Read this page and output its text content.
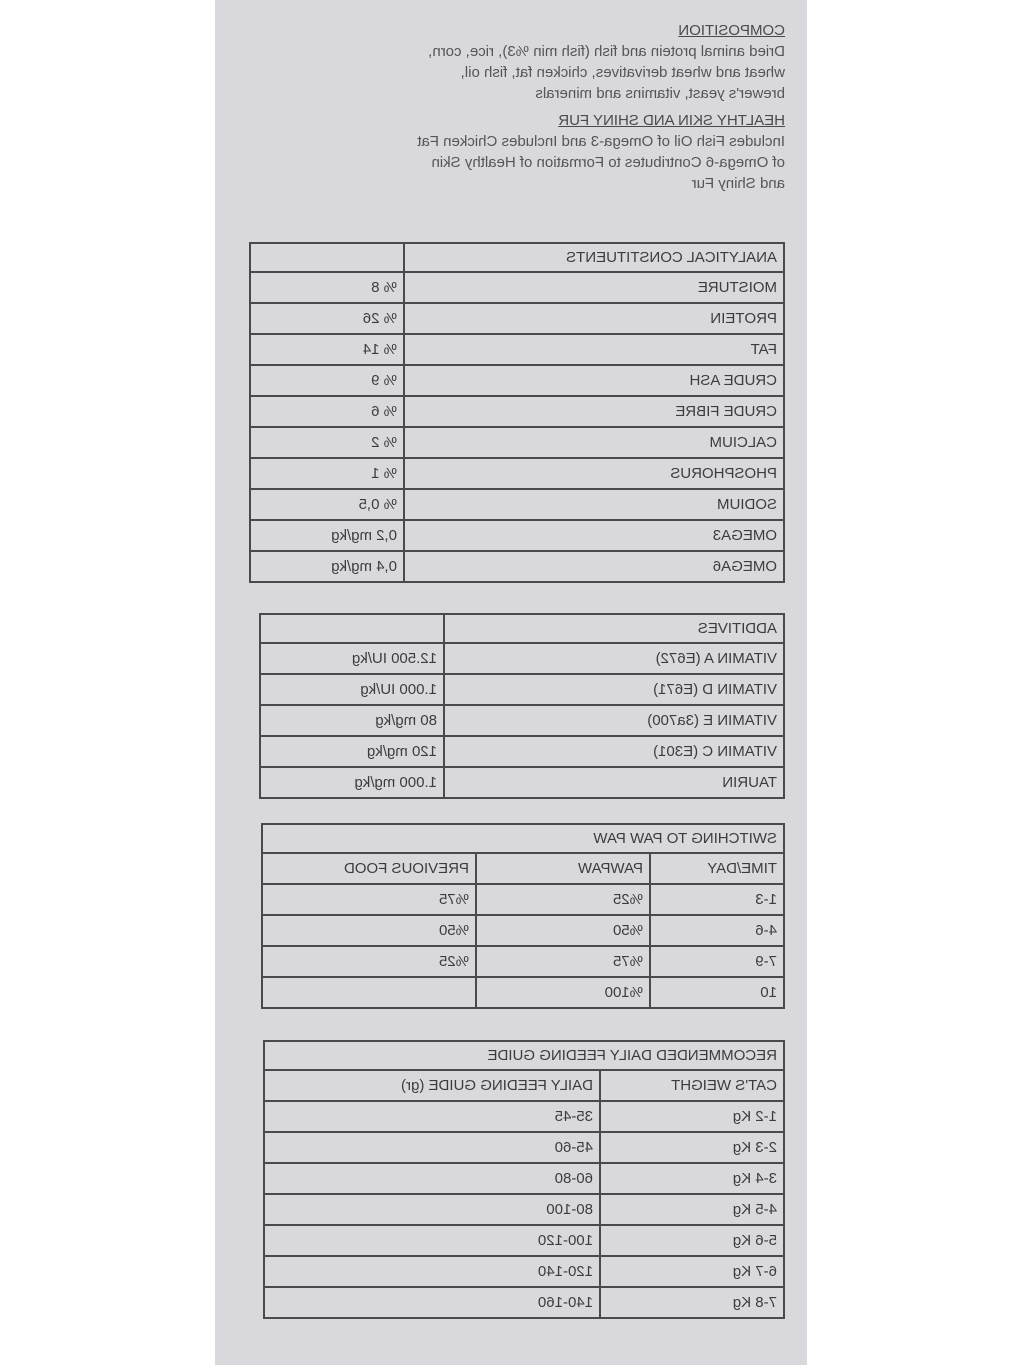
COMPOSITION
Dried animal protein and fish (fish min %3), rice, corn,
wheat and wheat derivatives, chicken fat, fish oil,
brewer's yeast, vitamins and minerals
HEALTHY SKIN AND SHINY FUR
Includes Fish Oil of Omega-3 and Includes Chicken Fat
of Omega-6 Contributes to Formation of Healthy Skin
and Shiny Fur
ANALYTICAL CONSTITUENTS	
MOISTURE	% 8
PROTEIN	% 26
FAT	% 14
CRUDE ASH	% 9
CRUDE FIBRE	% 6
CALCIUM	% 2
PHOSPHORUS	% 1
SODIUM	% 0,5
OMEGA3	0,2 mg/kg
OMEGA6	0,4 mg/kg
ADDITIVES	
VITAMIN A (E672)	12.500 IU/kg
VITAMIN D (E671)	1.000 IU/kg
VITAMIN E (3a700)	80 mg/kg
VITAMIN C (E301)	120 mg/kg
TAURIN	1.000 mg/kg
SWITCHING TO PAW PAW		
TIME/DAY	PAWPAW	PREVIOUS FOOD
1-3	%25	%75
4-6	%50	%50
7-9	%75	%25
10	%100	
RECOMMENDED DAILY FEEDING GUIDE	
CAT'S WEIGHT	DAILY FEEDING GUIDE (gr)
1-2 Kg	35-45
2-3 Kg	45-60
3-4 Kg	60-80
4-5 Kg	80-100
5-6 Kg	100-120
6-7 Kg	120-140
7-8 Kg	140-160
